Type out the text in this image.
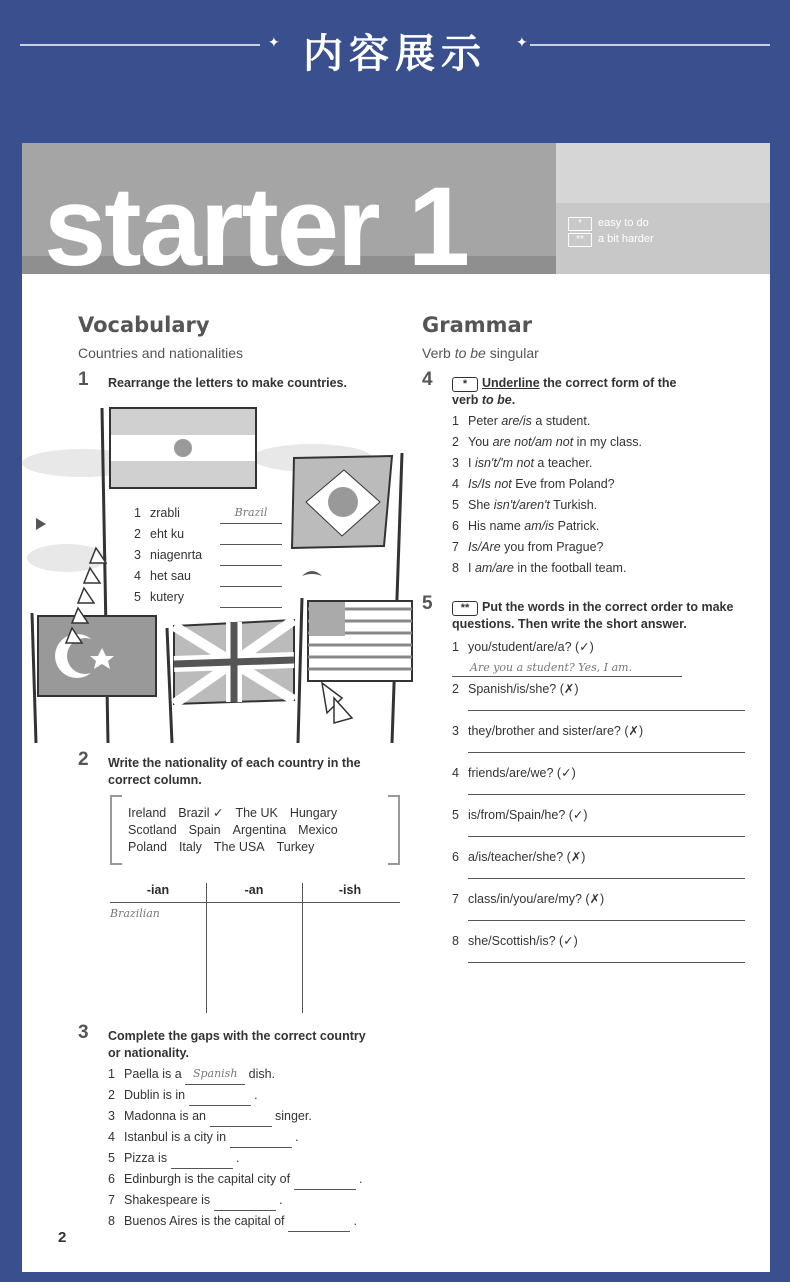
✦ 内容展示	✦
starter 1	* easy to do
** a bit harder
Vocabulary
Countries and nationalities
1 Rearrange the letters to make countries.
1 zrabli	Brazil
2 eht ku
3 niagenrta
4 het sau
5 kutery
2 Write the nationality of each country in the correct column.
Ireland Brazil ✓ The UK Hungary
Scotland Spain Argentina Mexico
Poland Italy The USA Turkey
-ian	-an	-ish
Brazilian
3 Complete the gaps with the correct country or nationality.
1 Paella is a Spanish dish.
2 Dublin is in	.
3 Madonna is an	singer.
4 Istanbul is a city in	.
5 Pizza is	.
6 Edinburgh is the capital city of	.
7 Shakespeare is	.
8 Buenos Aires is the capital of	.
Grammar
Verb to be singular
4	* Underline the correct form of the
verb to be.
1 Peter are/is a student.
2 You are not/am not in my class.
3 I isn't/'m not a teacher.
4 Is/Is not Eve from Poland?
5 She isn't/aren't Turkish.
6 His name am/is Patrick.
7 Is/Are you from Prague?
8 I am/are in the football team.
5	** Put the words in the correct order to make questions. Then write the short answer.
1 you/student/are/a? (✓)
Are you a student? Yes, I am.
2 Spanish/is/she? (✗)
3 they/brother and sister/are? (✗)
4 friends/are/we? (✓)
5 is/from/Spain/he? (✓)
6 a/is/teacher/she? (✗)
7 class/in/you/are/my? (✗)
8 she/Scottish/is? (✓)
2
